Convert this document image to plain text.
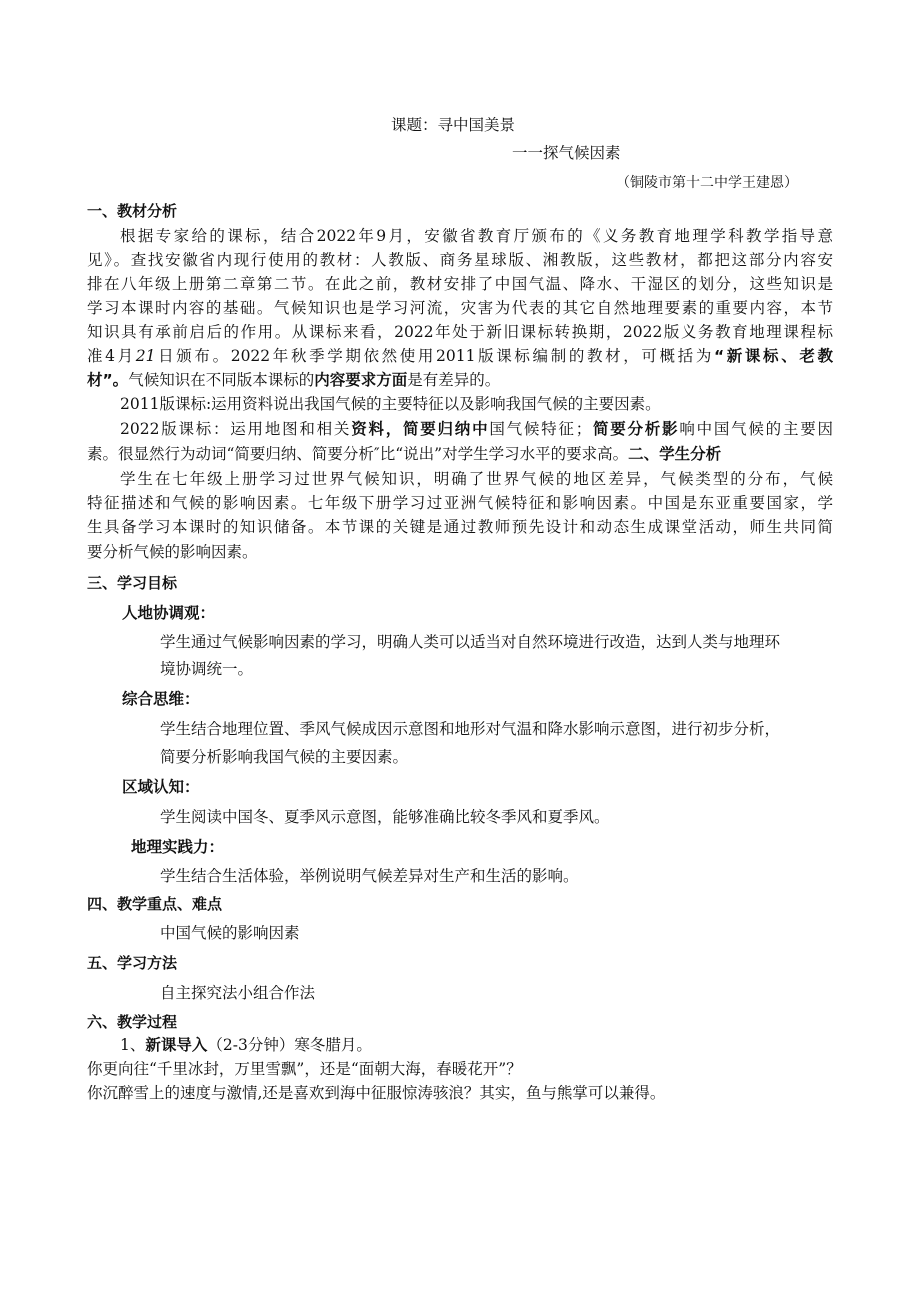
课题：寻中国美景
一一探气候因素
（铜陵市第十二中学王建恩）
一、教材分析
根据专家给的课标，结合2022年9月，安徽省教育厅颁布的《义务教育地理学科教学指导意
见》。查找安徽省内现行使用的教材：人教版、商务星球版、湘教版，这些教材，都把这部分内容安
排在八年级上册第二章第二节。在此之前，教材安排了中国气温、降水、干湿区的划分，这些知识是
学习本课时内容的基础。气候知识也是学习河流，灾害为代表的其它自然地理要素的重要内容，本节
知识具有承前启后的作用。从课标来看，2022年处于新旧课标转换期，2022版义务教育地理课程标
准4月21日颁布。2022年秋季学期依然使用2011版课标编制的教材，可概括为“新课标、老教
材”。气候知识在不同版本课标的内容要求方面是有差异的。
2011版课标:运用资料说出我国气候的主要特征以及影响我国气候的主要因素。
2022版课标：运用地图和相关资料，简要归纳中国气候特征；简要分析影响中国气候的主要因
素。很显然行为动词“简要归纳、简要分析″比“说出”对学生学习水平的要求高。二、学生分析
学生在七年级上册学习过世界气候知识，明确了世界气候的地区差异，气候类型的分布，气候
特征描述和气候的影响因素。七年级下册学习过亚洲气候特征和影响因素。中国是东亚重要国家，学
生具备学习本课时的知识储备。本节课的关键是通过教师预先设计和动态生成课堂活动，师生共同简
要分析气候的影响因素。
三、学习目标
人地协调观：
学生通过气候影响因素的学习，明确人类可以适当对自然环境进行改造，达到人类与地理环
境协调统一。
综合思维：
学生结合地理位置、季风气候成因示意图和地形对气温和降水影响示意图，进行初步分析，
简要分析影响我国气候的主要因素。
区域认知：
学生阅读中国冬、夏季风示意图，能够准确比较冬季风和夏季风。
地理实践力：
学生结合生活体验，举例说明气候差异对生产和生活的影响。
四、教学重点、难点
中国气候的影响因素
五、学习方法
自主探究法小组合作法
六、教学过程
1、新课导入（2-3分钟）寒冬腊月。
你更向往“千里冰封，万里雪飘”，还是“面朝大海，春暖花开”？
你沉醉雪上的速度与激情,还是喜欢到海中征服惊涛骇浪？其实，鱼与熊掌可以兼得。
